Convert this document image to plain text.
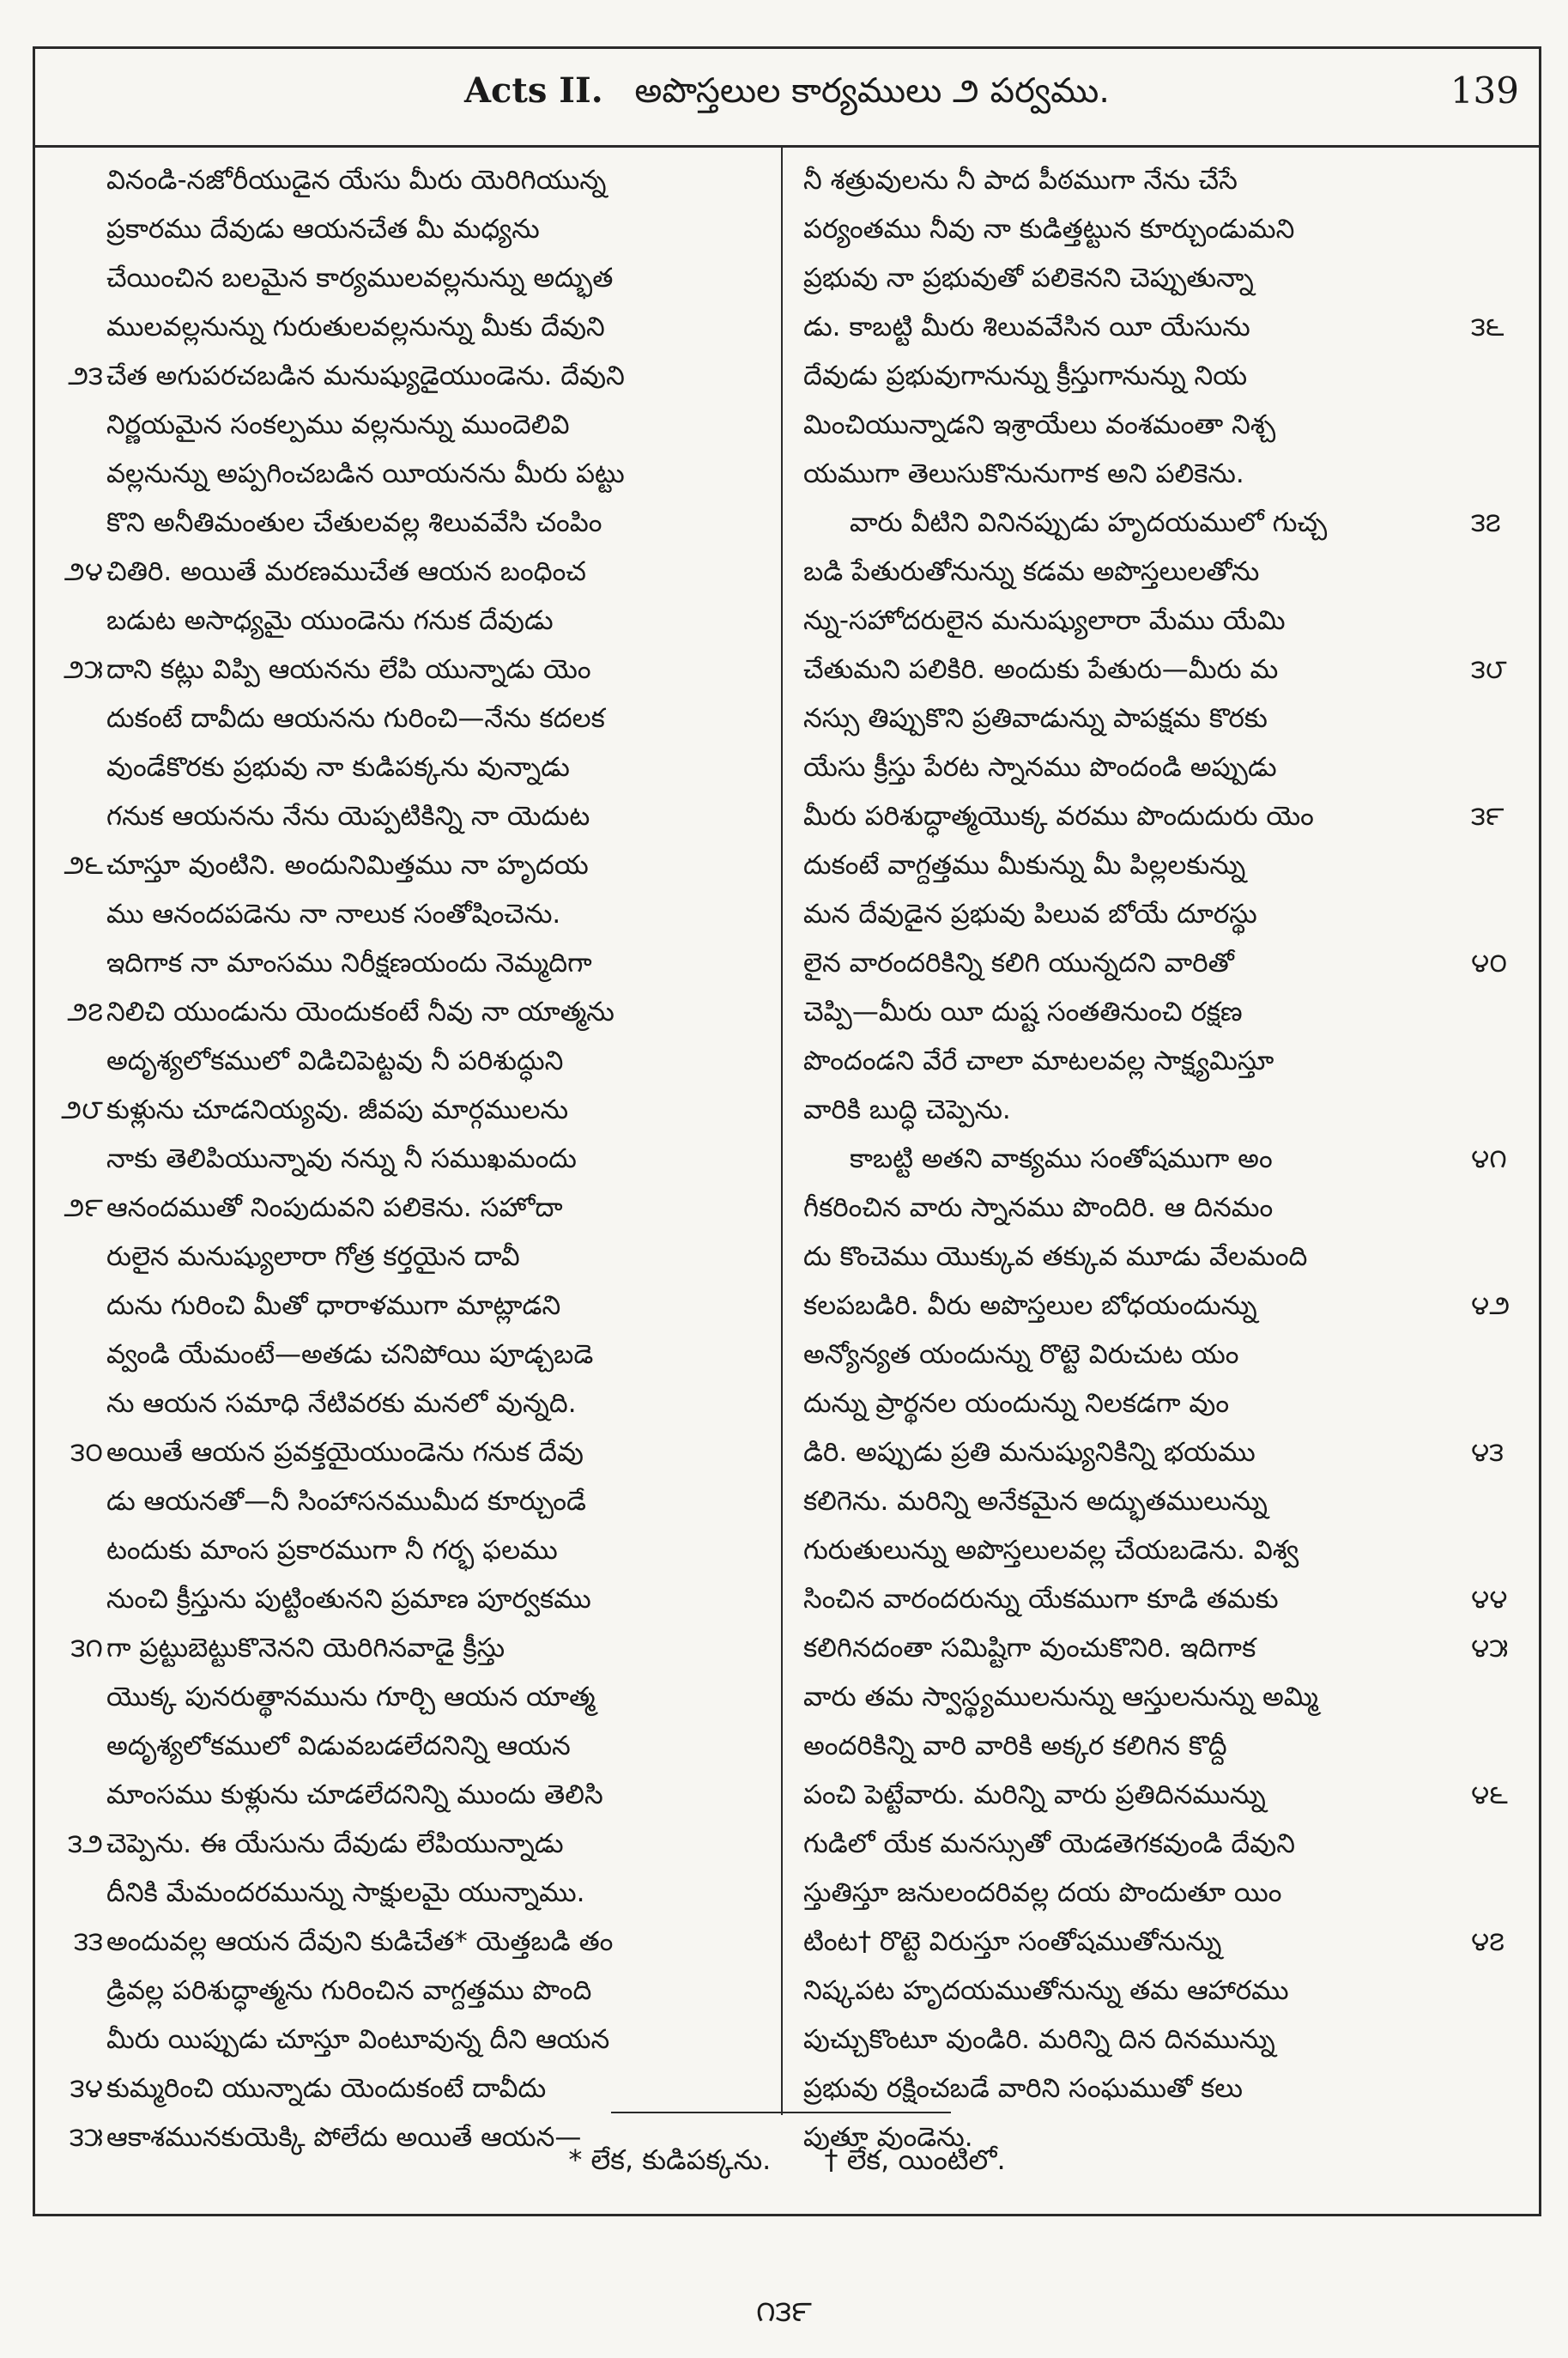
Acts II. అపొస్తలుల కార్యములు ౨ పర్వము.	139
వినండి-నజోరీయుడైన యేసు మీరు యెరిగియున్న
ప్రకారము దేవుడు ఆయనచేత మీ మధ్యను
చేయించిన బలమైన కార్యములవల్లనున్ను అద్భుత
ములవల్లనున్ను గురుతులవల్లనున్ను మీకు దేవుని
చేత అగుపరచబడిన మనుష్యుడైయుండెను. దేవుని
నిర్ణయమైన సంకల్పము వల్లనున్ను ముందెలివి
వల్లనున్ను అప్పగించబడిన యీయనను మీరు పట్టు
కొని అనీతిమంతుల చేతులవల్ల శిలువవేసి చంపిం
చితిరి. అయితే మరణముచేత ఆయన బంధించ
బడుట అసాధ్యమై యుండెను గనుక దేవుడు
దాని కట్లు విప్పి ఆయనను లేపి యున్నాడు యెం
దుకంటే దావీదు ఆయనను గురించి—నేను కదలక
వుండేకొరకు ప్రభువు నా కుడిపక్కను వున్నాడు
గనుక ఆయనను నేను యెప్పటికిన్ని నా యెదుట
చూస్తూ వుంటిని. అందునిమిత్తము నా హృదయ
ము ఆనందపడెను నా నాలుక సంతోషించెను.
ఇదిగాక నా మాంసము నిరీక్షణయందు నెమ్మదిగా
నిలిచి యుండును యెందుకంటే నీవు నా యాత్మను
అదృశ్యలోకములో విడిచిపెట్టవు నీ పరిశుద్ధుని
కుళ్లును చూడనియ్యవు. జీవపు మార్గములను
నాకు తెలిపియున్నావు నన్ను నీ సముఖమందు
ఆనందముతో నింపుదువని పలికెను. సహోదా
రులైన మనుష్యులారా గోత్ర కర్తయైన దావీ
దును గురించి మీతో ధారాళముగా మాట్లాడని
వ్వండి యేమంటే—అతడు చనిపోయి పూడ్చబడె
ను ఆయన సమాధి నేటివరకు మనలో వున్నది.
అయితే ఆయన ప్రవక్తయైయుండెను గనుక దేవు
డు ఆయనతో—నీ సింహాసనముమీద కూర్చుండే
టందుకు మాంస ప్రకారముగా నీ గర్భ ఫలము
నుంచి క్రీస్తును పుట్టింతునని ప్రమాణ పూర్వకము
గా ప్రట్టుబెట్టుకొనెనని యెరిగినవాడై క్రీస్తు
యొక్క పునరుత్థానమును గూర్చి ఆయన యాత్మ
అదృశ్యలోకములో విడువబడలేదనిన్ని ఆయన
మాంసము కుళ్లును చూడలేదనిన్ని ముందు తెలిసి
చెప్పెను. ఈ యేసును దేవుడు లేపియున్నాడు
దీనికి మేమందరమున్ను సాక్షులమై యున్నాము.
అందువల్ల ఆయన దేవుని కుడిచేత* యెత్తబడి తం
డ్రివల్ల పరిశుద్ధాత్మను గురించిన వాగ్దత్తము పొంది
మీరు యిప్పుడు చూస్తూ వింటూవున్న దీని ఆయన
కుమ్మరించి యున్నాడు యెందుకంటే దావీదు
ఆకాశమునకుయెక్కి పోలేదు అయితే ఆయన—
నీ శత్రువులను నీ పాద పీఠముగా నేను చేసే
పర్యంతము నీవు నా కుడిత్తట్టున కూర్చుండుమని
ప్రభువు నా ప్రభువుతో పలికెనని చెప్పుతున్నా
డు. కాబట్టి మీరు శిలువవేసిన యీ యేసును
దేవుడు ప్రభువుగానున్ను క్రీస్తుగానున్ను నియ
మించియున్నాడని ఇశ్రాయేలు వంశమంతా నిశ్చ
యముగా తెలుసుకొనునుగాక అని పలికెను.
వారు వీటిని వినినప్పుడు హృదయములో గుచ్చ
బడి పేతురుతోనున్ను కడమ అపొస్తలులతోను
న్ను-సహోదరులైన మనుష్యులారా మేము యేమి
చేతుమని పలికిరి. అందుకు పేతురు—మీరు మ
నస్సు తిప్పుకొని ప్రతివాడున్ను పాపక్షమ కొరకు
యేసు క్రీస్తు పేరట స్నానము పొందండి అప్పుడు
మీరు పరిశుద్ధాత్మయొక్క వరము పొందుదురు యెం
దుకంటే వాగ్దత్తము మీకున్ను మీ పిల్లలకున్ను
మన దేవుడైన ప్రభువు పిలువ బోయే దూరస్థు
లైన వారందరికిన్ని కలిగి యున్నదని వారితో
చెప్పి—మీరు యీ దుష్ట సంతతినుంచి రక్షణ
పొందండని వేరే చాలా మాటలవల్ల సాక్ష్యమిస్తూ
వారికి బుద్ధి చెప్పెను.
కాబట్టి అతని వాక్యము సంతోషముగా అం
గీకరించిన వారు స్నానము పొందిరి. ఆ దినమం
దు కొంచెము యొక్కువ తక్కువ మూడు వేలమంది
కలపబడిరి. వీరు అపొస్తలుల బోధయందున్ను
అన్యోన్యత యందున్ను రొట్టె విరుచుట యం
దున్ను ప్రార్థనల యందున్ను నిలకడగా వుం
డిరి. అప్పుడు ప్రతి మనుష్యునికిన్ని భయము
కలిగెను. మరిన్ని అనేకమైన అద్భుతములున్ను
గురుతులున్ను అపొస్తలులవల్ల చేయబడెను. విశ్వ
సించిన వారందరున్ను యేకముగా కూడి తమకు
కలిగినదంతా సమిష్టిగా వుంచుకొనిరి. ఇదిగాక
వారు తమ స్వాస్థ్యములనున్ను ఆస్తులనున్ను అమ్మి
అందరికిన్ని వారి వారికి అక్కర కలిగిన కొద్దీ
పంచి పెట్టేవారు. మరిన్ని వారు ప్రతిదినమున్ను
గుడిలో యేక మనస్సుతో యెడతెగకవుండి దేవుని
స్తుతిస్తూ జనులందరివల్ల దయ పొందుతూ యిం
టింట† రొట్టె విరుస్తూ సంతోషముతోనున్ను
నిష్కపట హృదయముతోనున్ను తమ ఆహారము
పుచ్చుకొంటూ వుండిరి. మరిన్ని దిన దినమున్ను
ప్రభువు రక్షించబడే వారిని సంఘముతో కలు
పుతూ వుండెను.
౨౩
౨౪
౨౫
౨౬
౨౭
౨౮
౨౯
౩౦
౩౧
౩౨
౩౩
౩౪
౩౫
౩౬
౩౭
౩౮
౩౯
౪౦
౪౧
౪౨
౪౩
౪౪
౪౫
౪౬
౪౭
* లేక, కుడిపక్కను. † లేక, యింటిలో.
౧౩౯
